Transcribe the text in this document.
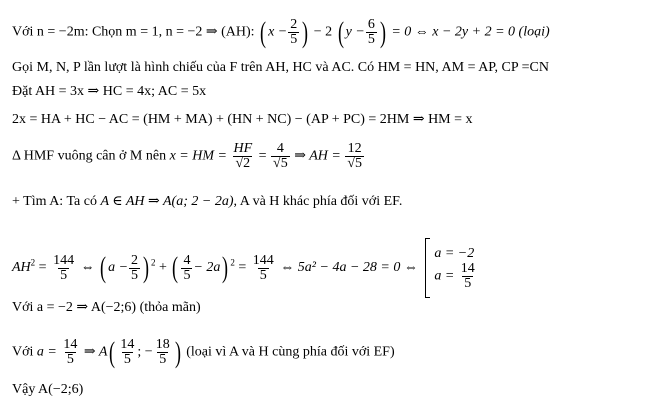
Với n = −2m: Chọn m = 1, n = −2 ⇒ (AH): ( $x - \frac{2}{5}$ ) − 2 ( $y - \frac{6}{5}$ ) = 0 ⇔ x − 2y + 2 = 0 (loại)
Gọi M, N, P lần lượt là hình chiếu của F trên AH, HC và AC. Có HM = HN, AM = AP, CP =CN
Đặt AH = 3x ⇒ HC = 4x; AC = 5x
2x = HA + HC − AC = (HM + MA) + (HN + NC) − (AP + PC) = 2HM ⇒ HM = x
Δ HMF vuông cân ở M nên x = HM = $\frac{HF}{√2} = \frac{4}{√5}$ ⇒ AH = $\frac{12}{√5}$
+ Tìm A: Ta có A ∈ AH ⇒ A(a; 2 − 2a), A và H khác phía đối với EF.
$AH^2 = \frac{144}{5}$ ⇔ ( $a - \frac{2}{5}$ ) $^2$ + ( $\frac{4}{5} - 2a$) $^2 = \frac{144}{5}$ ⇔ 5a² − 4a − 28 = 0 ⇔
a = −2
$a = \frac{14}{5}$
Với a = −2 ⇒ A(−2;6) (thỏa mãn)
Với $a = \frac{14}{5}$ ⇒ $A( \frac{14}{5}$ ; − $\frac{18}{5}$ ) (loại vì A và H cùng phía đối với EF)
Vậy A(−2;6)
